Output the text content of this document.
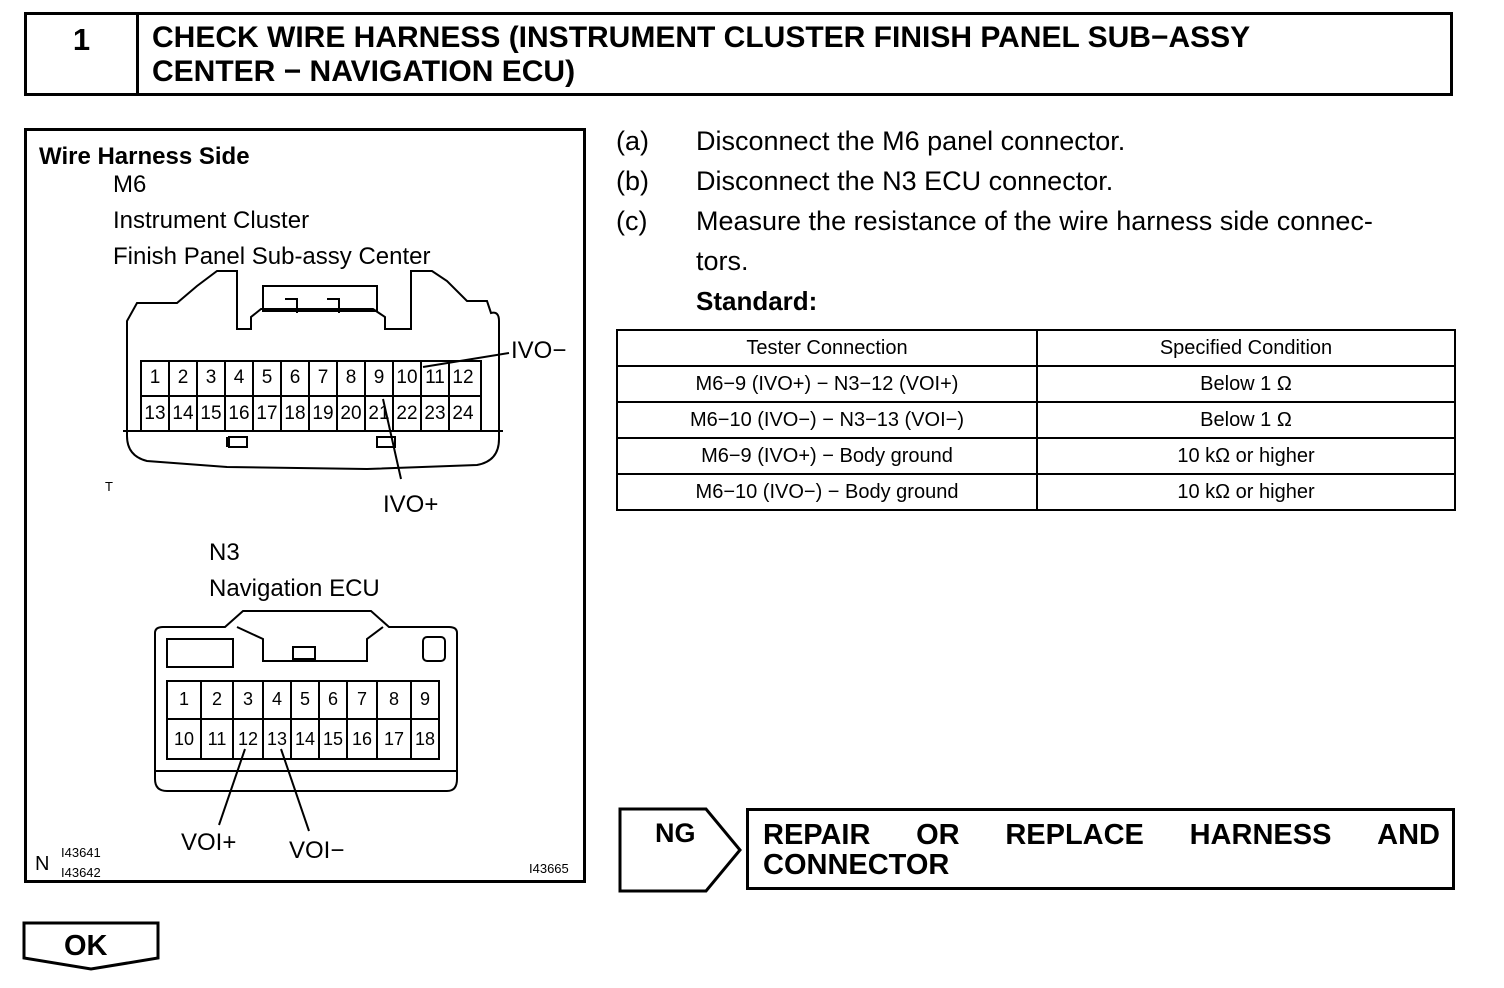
1	CHECK WIRE HARNESS (INSTRUMENT CLUSTER FINISH PANEL SUB−ASSY
CENTER − NAVIGATION ECU)
Wire Harness Side
M6
Instrument Cluster
Finish Panel Sub-assy Center
IVO−
IVO+
T
1 2 3 4 5 6 7 8 9 10 11 12
13 14 15 16 17 18 19 20 21 22 23 24
N3
Navigation ECU
1	2	3	4 5 6	7	8	9
10 11 12 13 14 15 16 17 18
VOI+ VOI−
N
I43641
I43642	I43665
(a) Disconnect the M6 panel connector.
(b) Disconnect the N3 ECU connector.
(c) Measure the resistance of the wire harness side connec-
tors.
Standard:
Tester Connection	Specified Condition
M6−9 (IVO+) − N3−12 (VOI+)	Below 1 Ω
M6−10 (IVO−) − N3−13 (VOI−)	Below 1 Ω
M6−9 (IVO+) − Body ground	10 kΩ or higher
M6−10 (IVO−) − Body ground	10 kΩ or higher
NG REPAIR OR REPLACE HARNESS AND
CONNECTOR
OK
